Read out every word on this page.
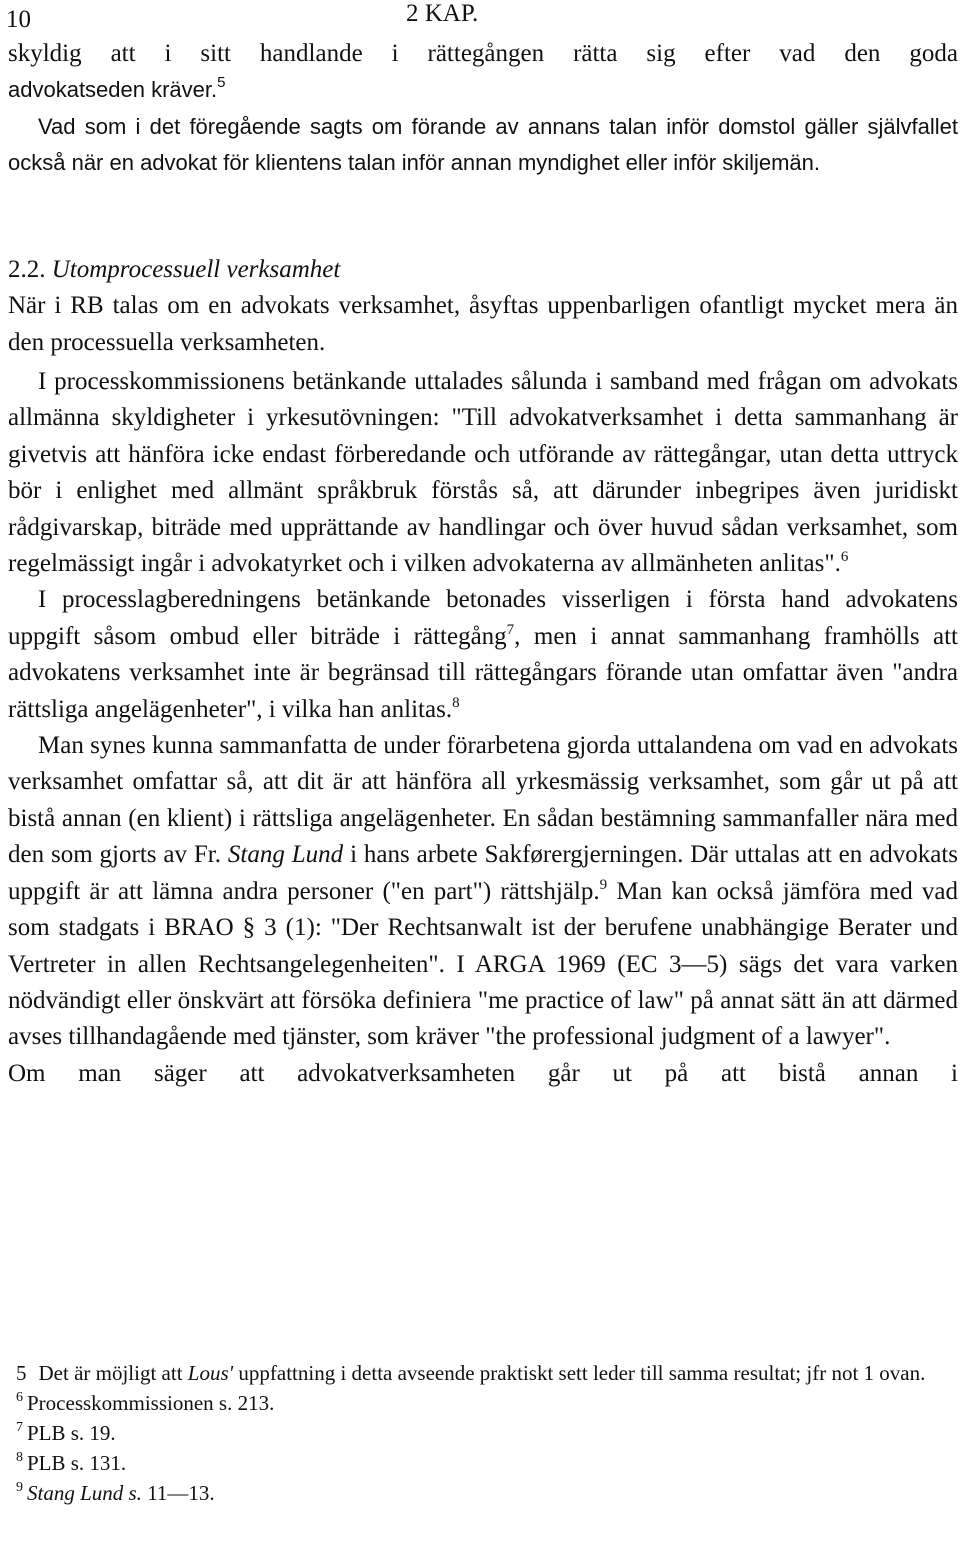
10	2 KAP.

skyldig att i sitt handlande i rättegången rätta sig efter vad den goda

advokatseden kräver.$^5$

Vad som i det föregående sagts om förande av annans talan inför domstol gäller självfallet också när en advokat för klientens talan inför annan myndighet eller inför skiljemän.

2.2. Utomprocessuell verksamhet

När i RB talas om en advokats verksamhet, åsyftas uppenbarligen ofantligt mycket mera än den processuella verksamheten.

I processkommissionens betänkande uttalades sålunda i samband med frågan om advokats allmänna skyldigheter i yrkesutövningen: "Till advokatverksamhet i detta sammanhang är givetvis att hänföra icke endast förberedande och utförande av rättegångar, utan detta uttryck bör i enlighet med allmänt språkbruk förstås så, att därunder inbegripes även juridiskt rådgivarskap, biträde med upprättande av handlingar och över huvud sådan verksamhet, som regelmässigt ingår i advokatyrket och i vilken advokaterna av allmänheten anlitas".$^6$

I processlagberedningens betänkande betonades visserligen i första hand advokatens uppgift såsom ombud eller biträde i rättegång$^7$, men i annat sammanhang framhölls att advokatens verksamhet inte är begränsad till rättegångars förande utan omfattar även "andra rättsliga angelägenheter", i vilka han anlitas.$^8$

Man synes kunna sammanfatta de under förarbetena gjorda uttalandena om vad en advokats verksamhet omfattar så, att dit är att hänföra all yrkesmässig verksamhet, som går ut på att bistå annan (en klient) i rättsliga angelägenheter. En sådan bestämning sammanfaller nära med den som gjorts av Fr. Stang Lund i hans arbete Sakførergjerningen. Där uttalas att en advokats uppgift är att lämna andra personer ("en part") rättshjälp.$^9$ Man kan också jämföra med vad som stadgats i BRAO § 3 (1): "Der Rechtsanwalt ist der berufene unabhängige Berater und Vertreter in allen Rechtsangelegenheiten". I ARGA 1969 (EC 3—5) sägs det vara varken nödvändigt eller önskvärt att försöka definiera "me practice of law" på annat sätt än att därmed avses tillhandagående med tjänster, som kräver "the professional judgment of a lawyer".

Om man säger att advokatverksamheten går ut på att bistå annan i

5 Det är möjligt att Lous' uppfattning i detta avseende praktiskt sett leder till samma resultat; jfr not 1 ovan.

$^6$ Processkommissionen s. 213.

$^7$ PLB s. 19.

$^8$ PLB s. 131.

$^9$ Stang Lund s. 11—13.
